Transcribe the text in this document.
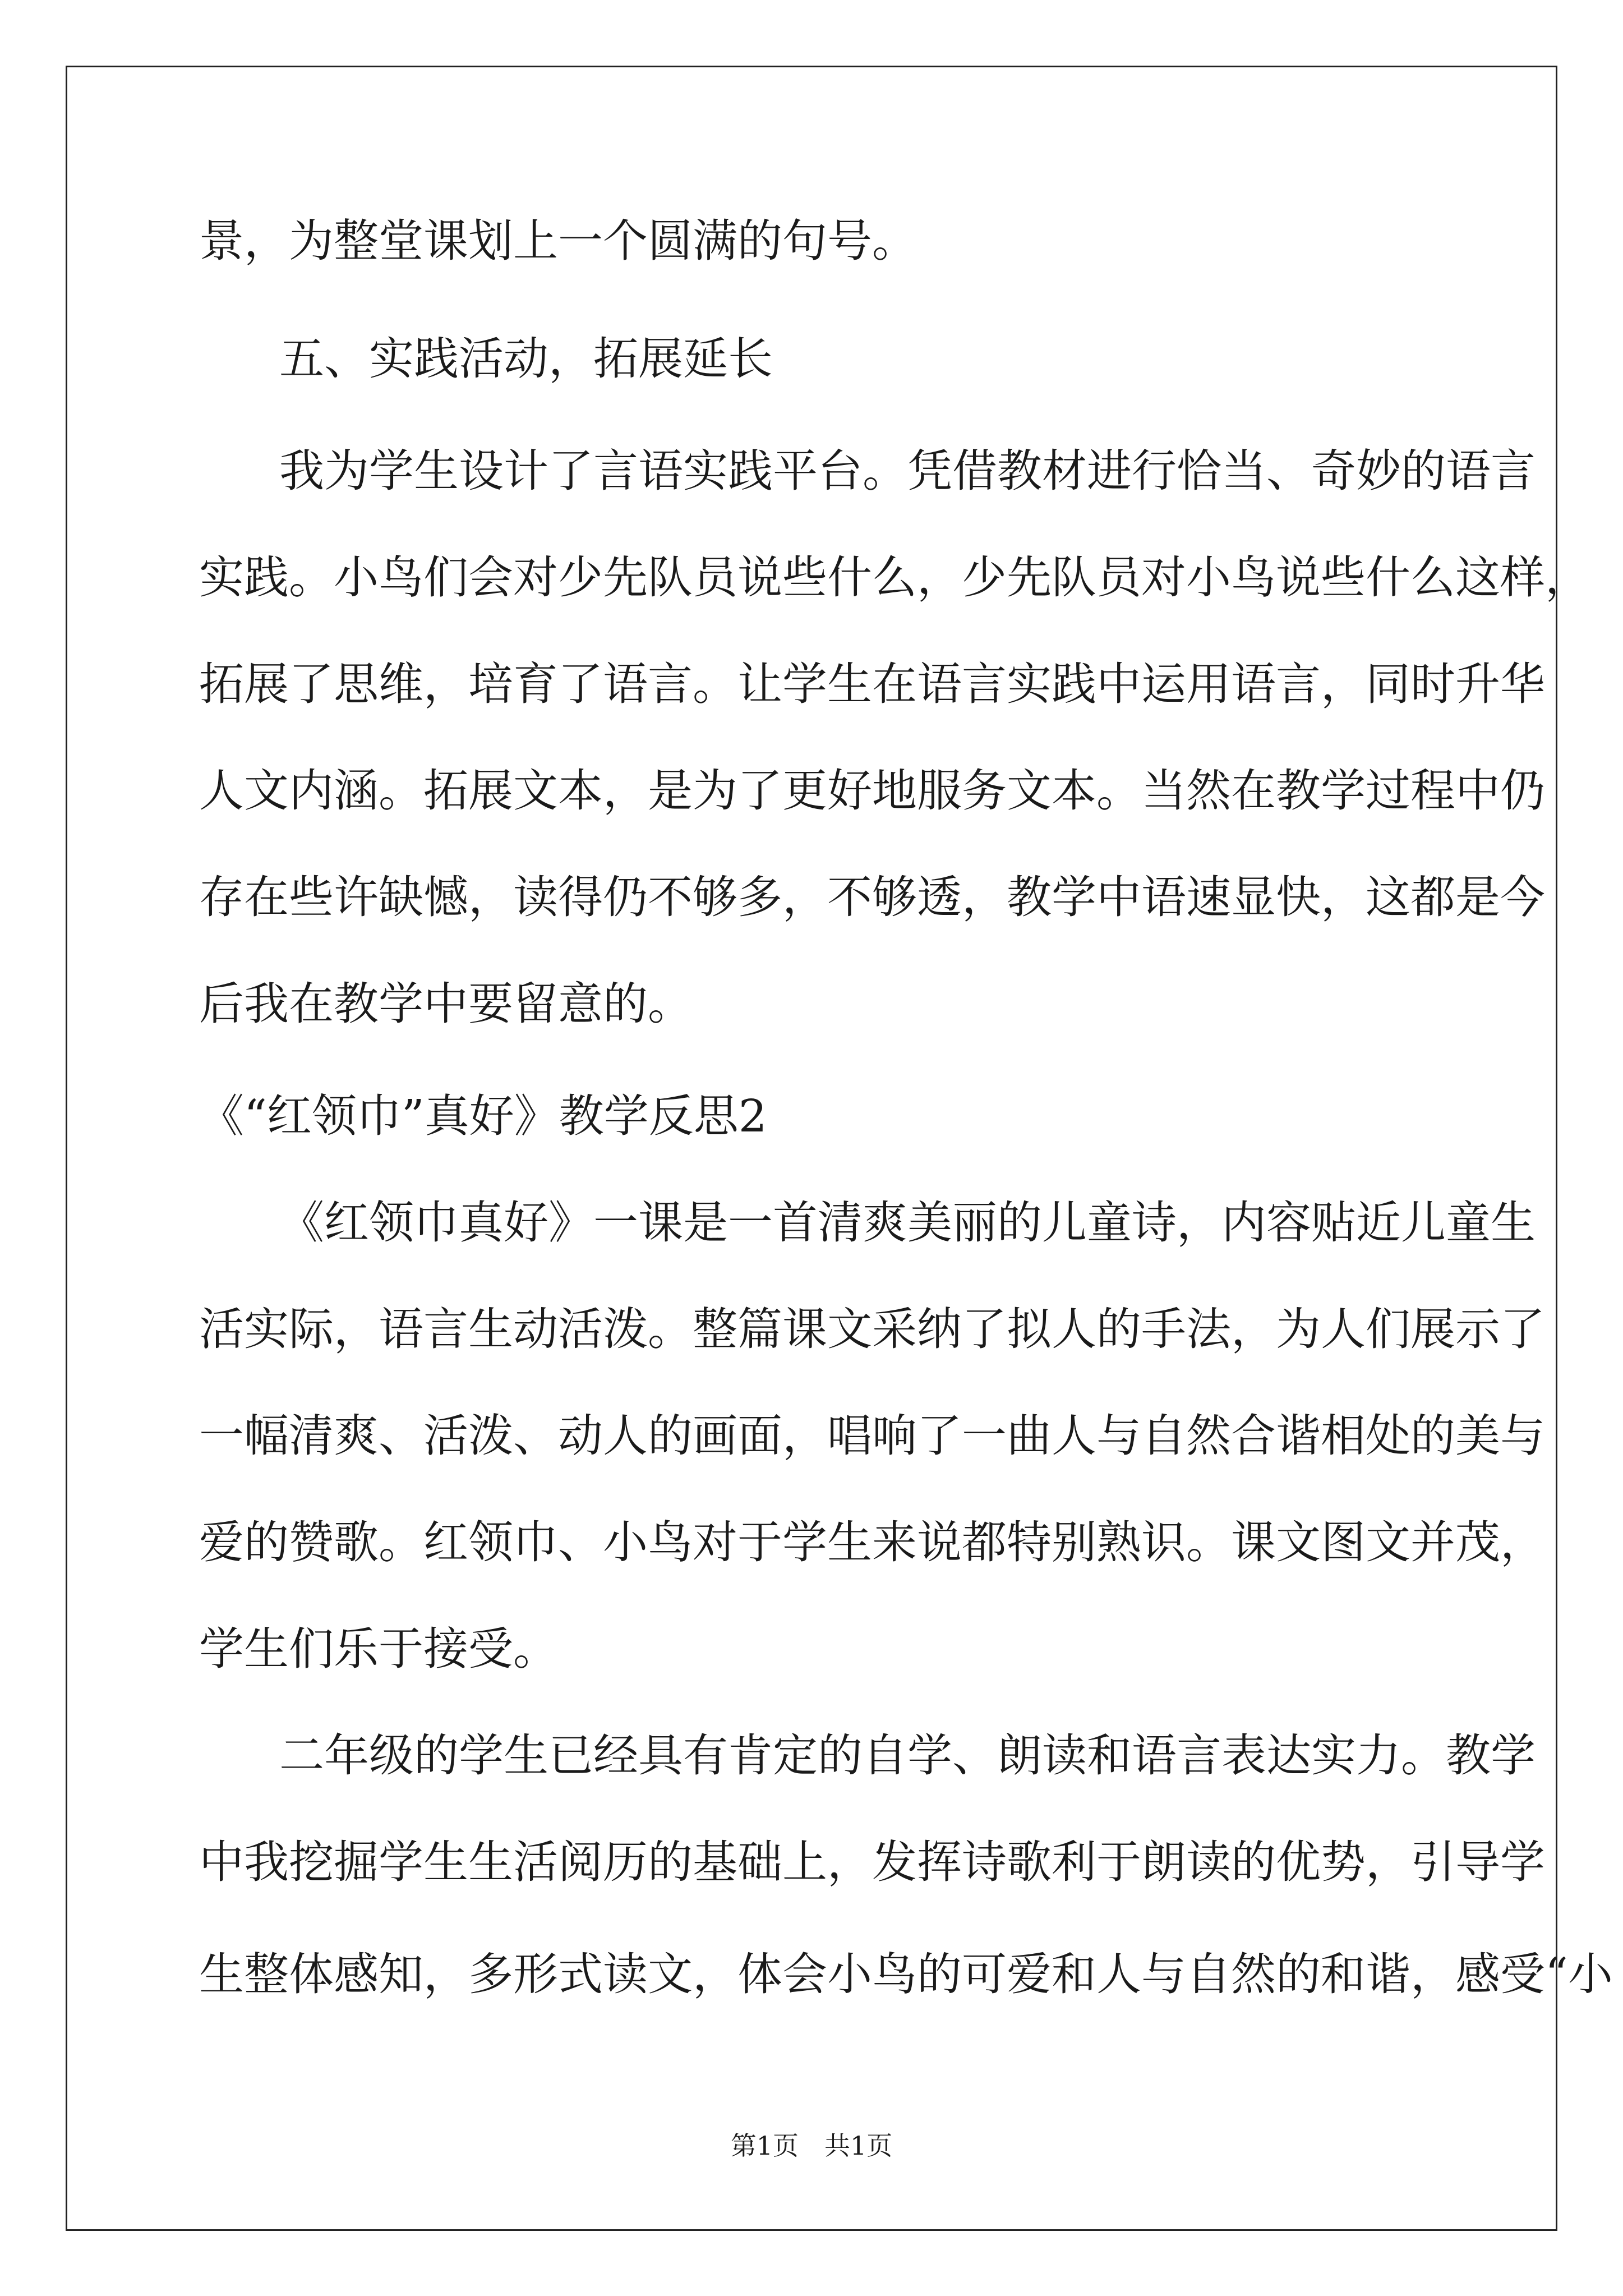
景，为整堂课划上一个圆满的句号。
五、实践活动，拓展延长
我为学生设计了言语实践平台。凭借教材进行恰当、奇妙的语言
实践。小鸟们会对少先队员说些什么，少先队员对小鸟说些什么这样，
拓展了思维，培育了语言。让学生在语言实践中运用语言，同时升华
人文内涵。拓展文本，是为了更好地服务文本。当然在教学过程中仍
存在些许缺憾，读得仍不够多，不够透，教学中语速显快，这都是今
后我在教学中要留意的。
《“红领巾”真好》教学反思2
《红领巾真好》一课是一首清爽美丽的儿童诗，内容贴近儿童生
活实际，语言生动活泼。整篇课文采纳了拟人的手法，为人们展示了
一幅清爽、活泼、动人的画面，唱响了一曲人与自然合谐相处的美与
爱的赞歌。红领巾、小鸟对于学生来说都特别熟识。课文图文并茂，
学生们乐于接受。
二年级的学生已经具有肯定的自学、朗读和语言表达实力。教学
中我挖掘学生生活阅历的基础上，发挥诗歌利于朗读的优势，引导学
生整体感知，多形式读文，体会小鸟的可爱和人与自然的和谐，感受“小
第1页　共1页
